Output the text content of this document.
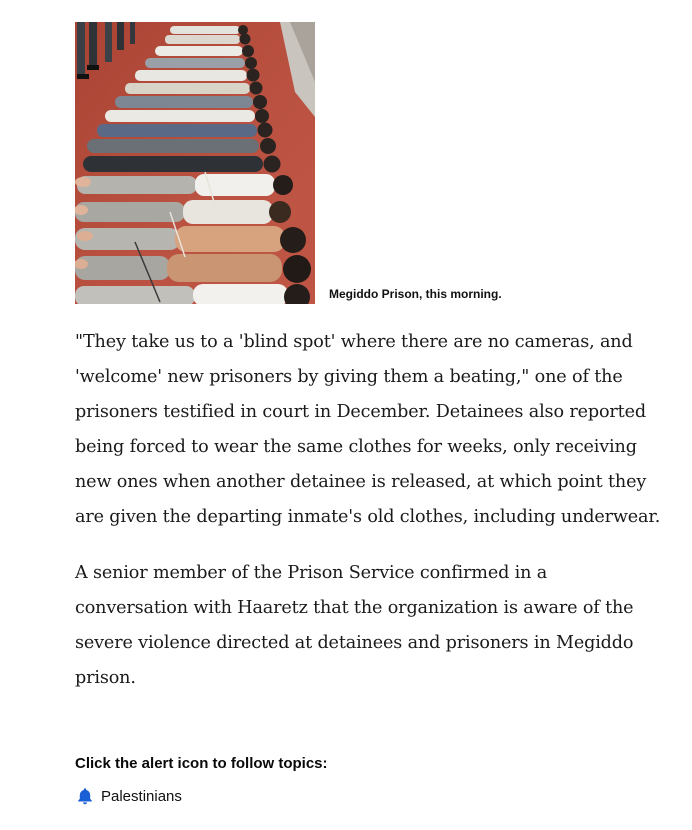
Megiddo Prison, this morning.

"They take us to a 'blind spot' where there are no cameras, and 'welcome' new prisoners by giving them a beating," one of the prisoners testified in court in December. Detainees also reported being forced to wear the same clothes for weeks, only receiving new ones when another detainee is released, at which point they are given the departing inmate's old clothes, including underwear.

A senior member of the Prison Service confirmed in a conversation with Haaretz that the organization is aware of the severe violence directed at detainees and prisoners in Megiddo prison.

Click the alert icon to follow topics:

Palestinians
